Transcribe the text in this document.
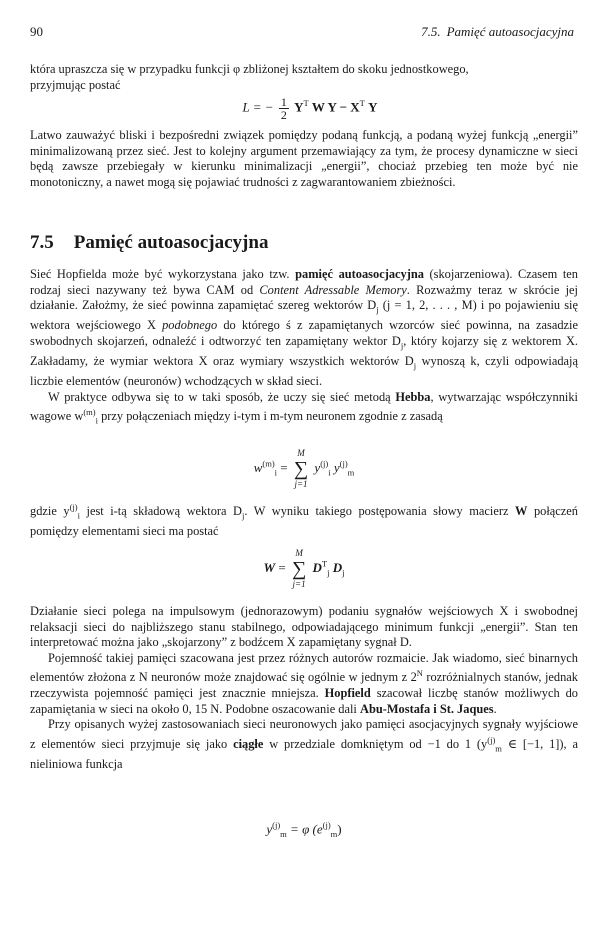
90	7.5. Pamięć autoasocjacyjna

która upraszcza się w przypadku funkcji φ zbliżonej kształtem do skoku jednostkowego,

przyjmując postać

L = − $\frac{1}{2} Y^T$ W $Y - X^T$ Y

Latwo zauważyć bliski i bezpośredni związek pomiędzy podaną funkcją, a podaną wyżej funkcją „energii” minimalizowaną przez sieć. Jest to kolejny argument przemawiający za tym, że procesy dynamiczne w sieci będą zawsze przebiegały w kierunku minimalizacji „energii”, chociaż przebieg ten może być nie monotoniczny, a nawet mogą się pojawiać trudności z zagwarantowaniem zbieżności.

7.5 Pamięć autoasocjacyjna

Sieć Hopfielda może być wykorzystana jako tzw. pamięć autoasocjacyjna (skojarzeniowa). Czasem ten rodzaj sieci nazywany też bywa CAM od Content Adressable Memory. Rozważmy teraz w skrócie jej działanie. Założmy, że sieć powinna zapamiętać szereg wektorów $D_j$ (j = 1, 2, . . . , M) i po pojawieniu się wektora wejściowego X podobnego do którego ś z zapamiętanych wzorców sieć powinna, na zasadzie swobodnych skojarzeń, odnaleźć i odtworzyć ten zapamiętany wektor $D_j$, który kojarzy się z wektorem X. Zakładamy, że wymiar wektora X oraz wymiary wszystkich wektorów $D_j$ wynoszą k, czyli odpowiadają liczbie elementów (neuronów) wchodzących w skład sieci.

W praktyce odbywa się to w taki sposób, że uczy się sieć metodą Hebba, wytwarzając współczynniki wagowe $w^{(m)}_i$ przy połączeniach między i-tym i m-tym neuronem zgodnie z zasadą

$w^{(m)}_i$ =
M
∑
j=1
$y^{(j)}_i$ $y^{(j)}_m$

gdzie $y^{(j)}_i$ jest i-tą składową wektora $D_j$. W wyniku takiego postępowania słowy macierz W połączeń pomiędzy elementami sieci ma postać

W =
M
∑
j=1
$D^T_j$ $D_j$

Działanie sieci polega na impulsowym (jednorazowym) podaniu sygnałów wejściowych X i swobodnej relaksacji sieci do najbliższego stanu stabilnego, odpowiadającego minimum funkcji „energii”. Stan ten interpretować można jako „skojarzony” z bodźcem X zapamiętany sygnał D.

Pojemność takiej pamięci szacowana jest przez różnych autorów rozmaicie. Jak wiadomo, sieć binarnych elementów złożona z N neuronów może znajdować się ogólnie w jednym z $2^N$ rozróżnialnych stanów, jednak rzeczywista pojemność pamięci jest znacznie mniejsza. Hopfield szacował liczbę stanów możliwych do zapamiętania w sieci na około 0, 15 N. Podobne oszacowanie dali Abu-Mostafa i St. Jaques.

Przy opisanych wyżej zastosowaniach sieci neuronowych jako pamięci asocjacyjnych sygnały wyjściowe z elementów sieci przyjmuje się jako ciągłe w przedziale domkniętym od −1 do 1 ($y^{(j)}_m$ ∈ [−1, 1]), a nieliniowa funkcja

$y^{(j)}_m = \varphi$ $(e^{(j)}_m)$
